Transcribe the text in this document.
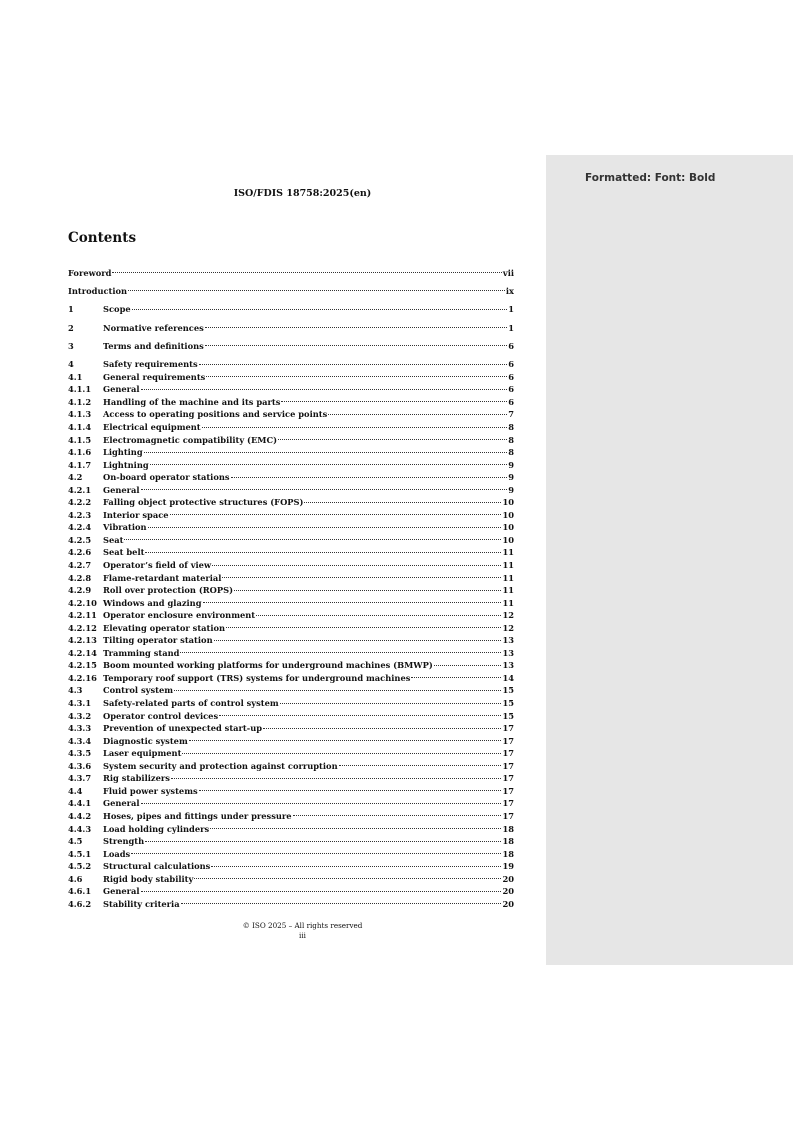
Formatted: Font: Bold
ISO/FDIS 18758:2025(en)
Contents
Foreword	vii
Introduction	ix
1	Scope	1
2	Normative references	1
3	Terms and definitions	6
4	Safety requirements	6
4.1	General requirements	6
4.1.1	General	6
4.1.2	Handling of the machine and its parts	6
4.1.3	Access to operating positions and service points	7
4.1.4	Electrical equipment	8
4.1.5	Electromagnetic compatibility (EMC)	8
4.1.6	Lighting	8
4.1.7	Lightning	9
4.2	On-board operator stations	9
4.2.1	General	9
4.2.2	Falling object protective structures (FOPS)	10
4.2.3	Interior space	10
4.2.4	Vibration	10
4.2.5	Seat	10
4.2.6	Seat belt	11
4.2.7	Operator’s field of view	11
4.2.8	Flame-retardant material	11
4.2.9	Roll over protection (ROPS)	11
4.2.10 Windows and glazing	11
4.2.11 Operator enclosure environment	12
4.2.12 Elevating operator station	12
4.2.13 Tilting operator station	13
4.2.14 Tramming stand	13
4.2.15 Boom mounted working platforms for underground machines (BMWP)	13
4.2.16 Temporary roof support (TRS) systems for underground machines	14
4.3	Control system	15
4.3.1	Safety-related parts of control system	15
4.3.2	Operator control devices	15
4.3.3	Prevention of unexpected start-up	17
4.3.4	Diagnostic system	17
4.3.5	Laser equipment	17
4.3.6	System security and protection against corruption	17
4.3.7	Rig stabilizers	17
4.4	Fluid power systems	17
4.4.1	General	17
4.4.2	Hoses, pipes and fittings under pressure	17
4.4.3	Load holding cylinders	18
4.5	Strength	18
4.5.1	Loads	18
4.5.2	Structural calculations	19
4.6	Rigid body stability	20
4.6.1	General	20
4.6.2	Stability criteria	20
© ISO 2025 – All rights reserved
iii
